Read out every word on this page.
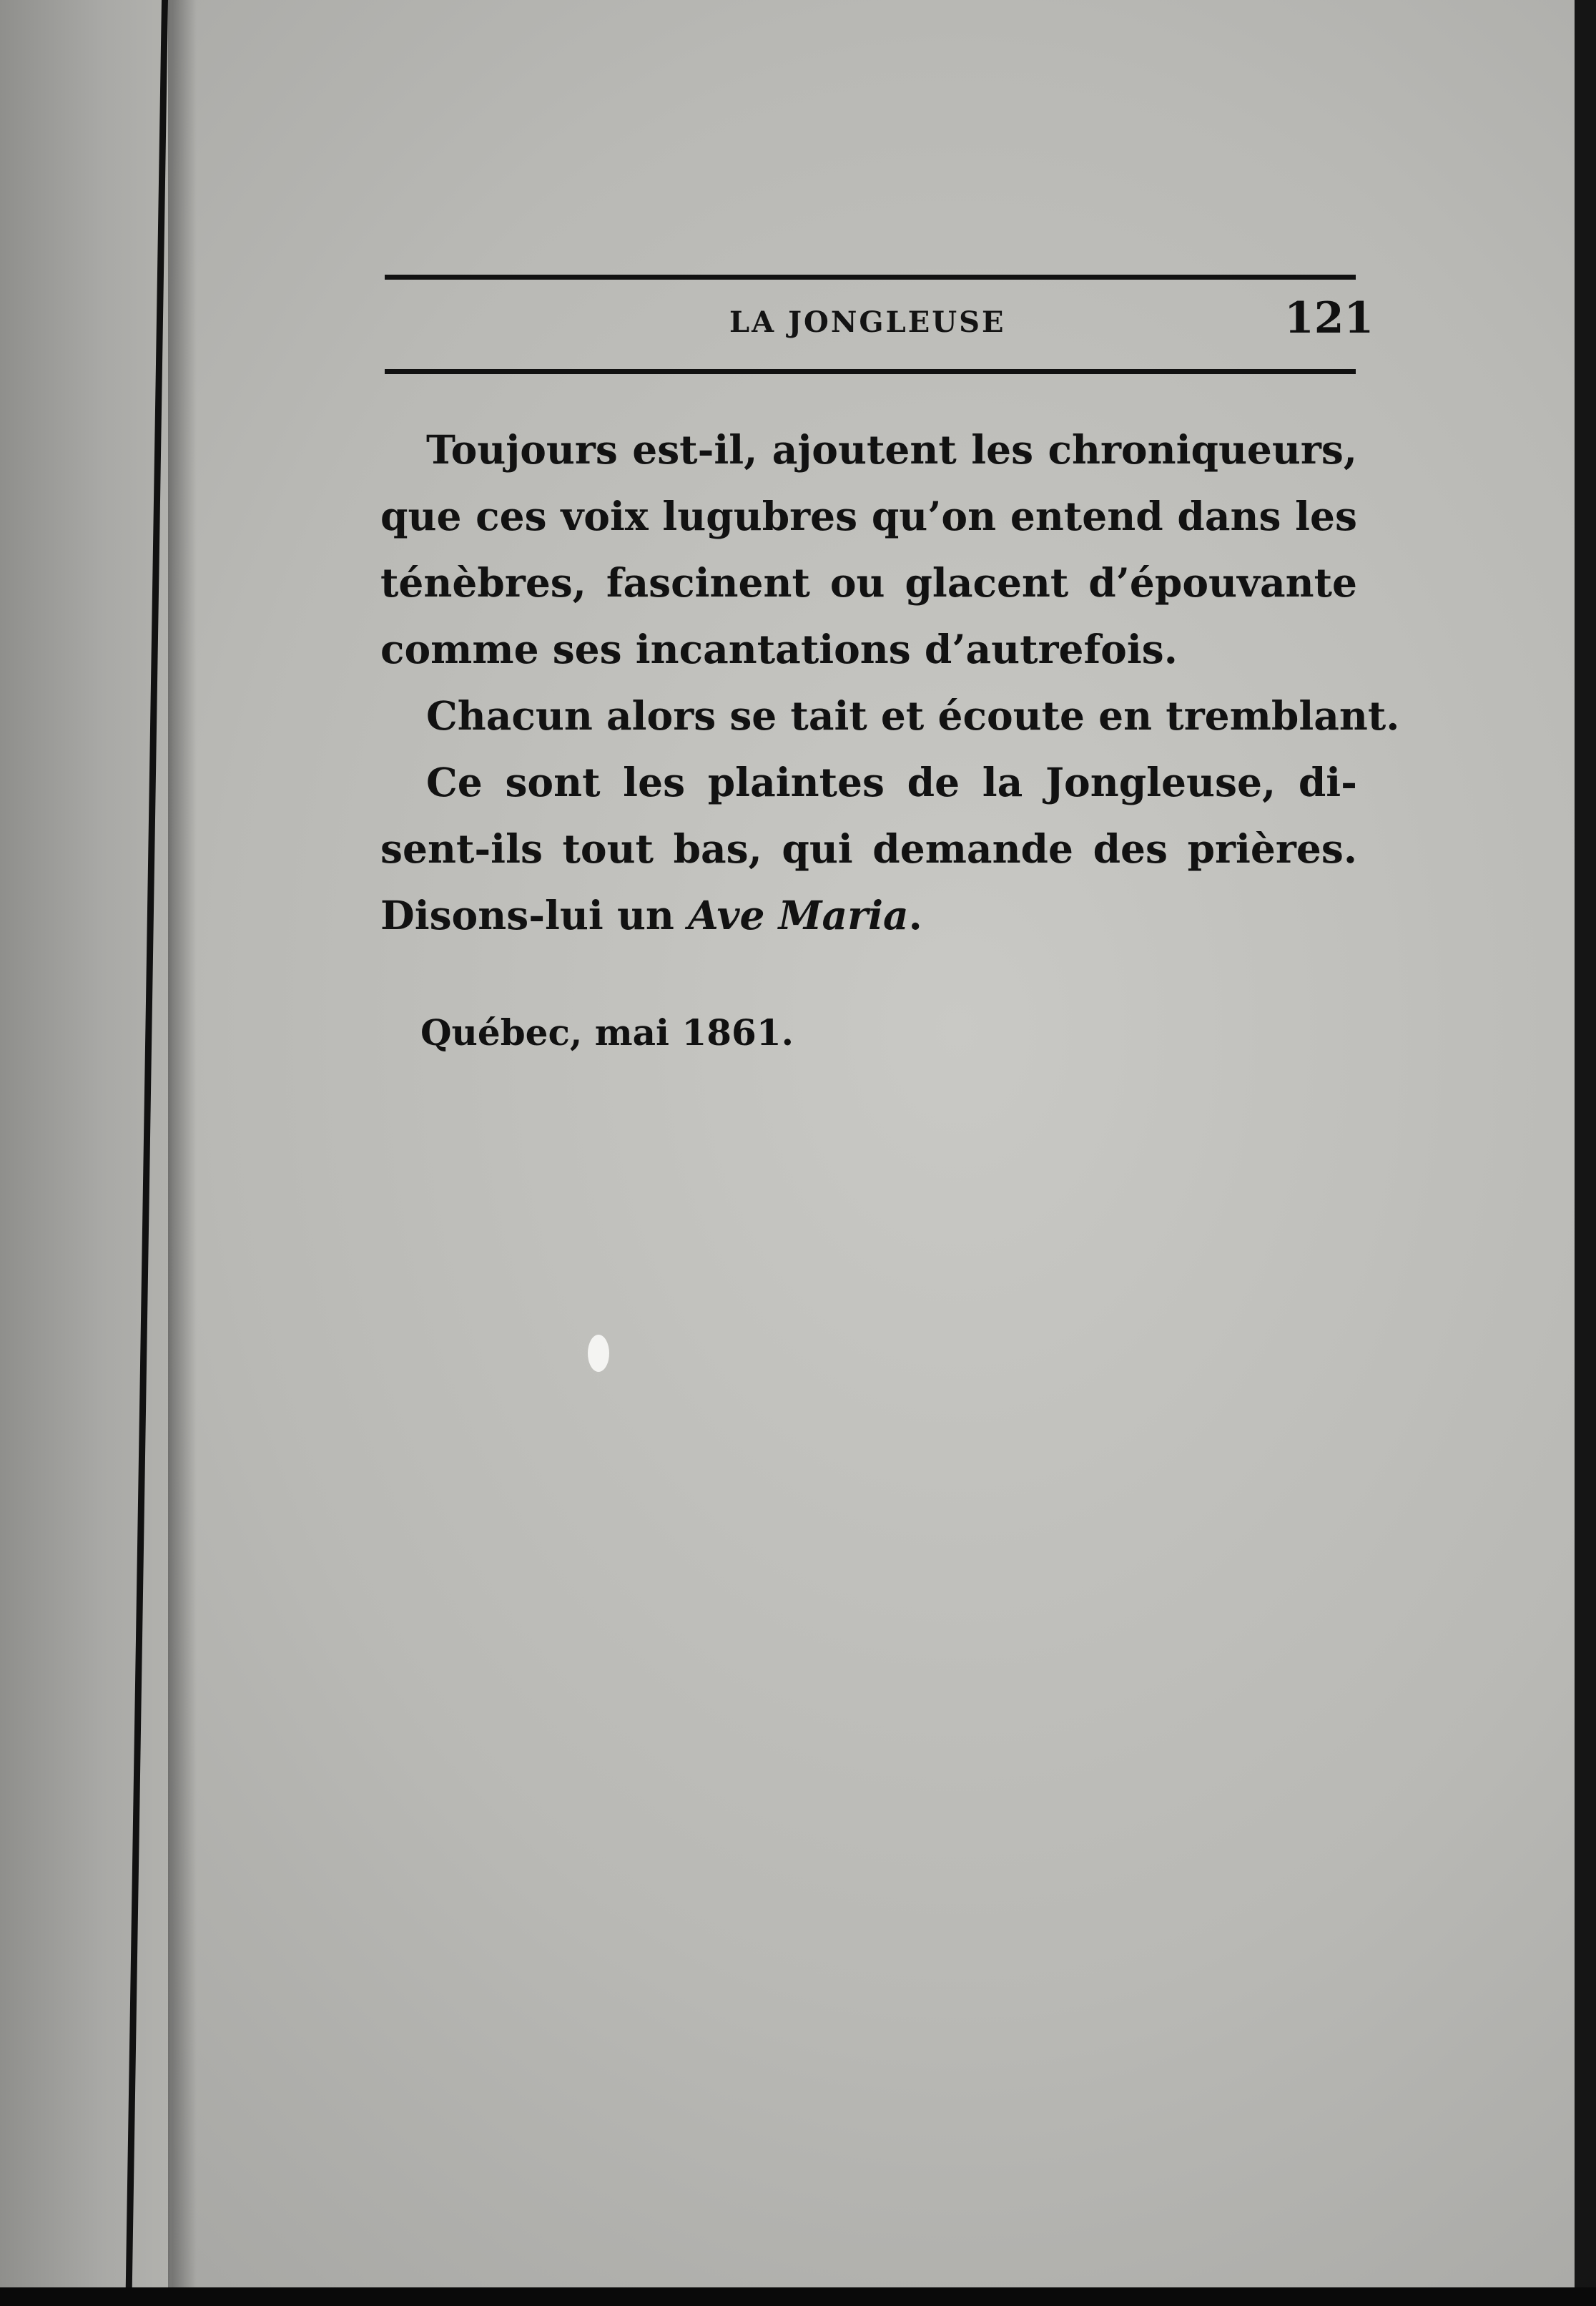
LA JONGLEUSE	121
Toujours est-il, ajoutent les chroniqueurs,
que ces voix lugubres qu’on entend dans les
ténèbres, fascinent ou glacent d’épouvante
comme ses incantations d’autrefois.
Chacun alors se tait et écoute en tremblant.
Ce sont les plaintes de la Jongleuse, di-
sent-ils tout bas, qui demande des prières.
Disons-lui un Ave Maria.
Québec, mai 1861.
